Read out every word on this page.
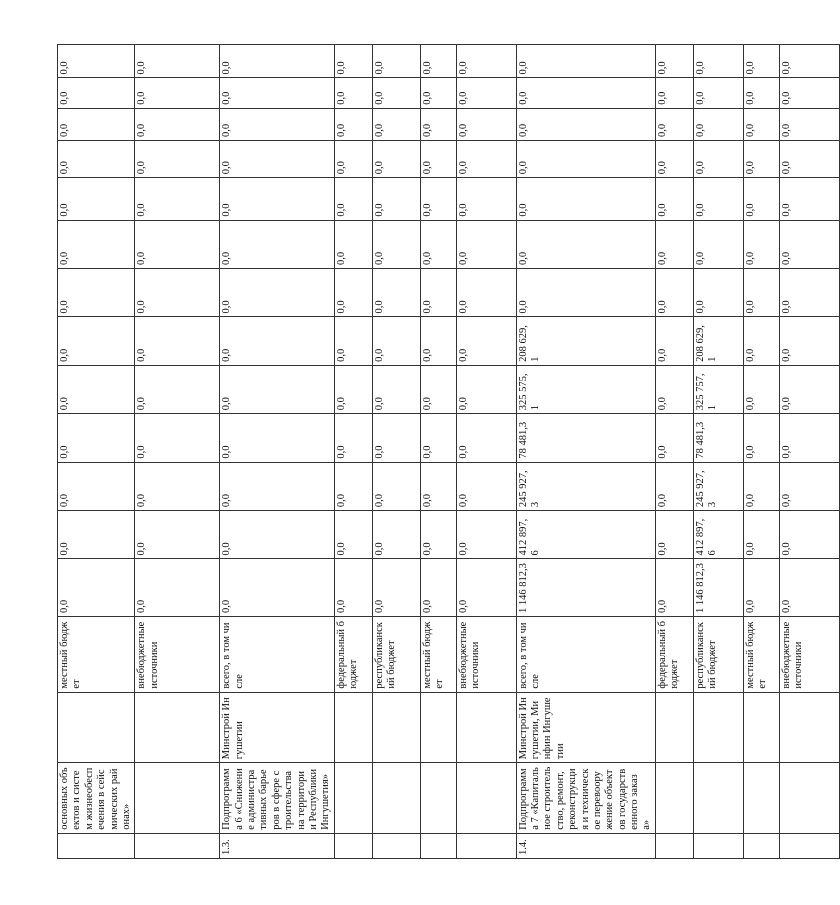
	основных объектов и систем жизнеобеспечения в сейсмических районах»		местный бюджет	0,0	0,0	0,0	0,0	0,0	0,0	0,0	0,0	0,0	0,0	0,0	0,0	0,0
			внебюджетные источники	0,0	0,0	0,0	0,0	0,0	0,0	0,0	0,0	0,0	0,0	0,0	0,0	0,0
1.3.	Подпрограмма 6 «Снижение административных барьеров в сфере строительства на территории Республики Ингушетия»	Минстрой Ингушетии	всего, в том числе	0,0	0,0	0,0	0,0	0,0	0,0	0,0	0,0	0,0	0,0	0,0	0,0	0,0
			федеральный бюджет	0,0	0,0	0,0	0,0	0,0	0,0	0,0	0,0	0,0	0,0	0,0	0,0	0,0
			республиканский бюджет	0,0	0,0	0,0	0,0	0,0	0,0	0,0	0,0	0,0	0,0	0,0	0,0	0,0
			местный бюджет	0,0	0,0	0,0	0,0	0,0	0,0	0,0	0,0	0,0	0,0	0,0	0,0	0,0
			внебюджетные источники	0,0	0,0	0,0	0,0	0,0	0,0	0,0	0,0	0,0	0,0	0,0	0,0	0,0
1.4.	Подпрограмма 7 «Капитальное строительство, ремонт, реконструкция и техническое перевооружение объектов государственного заказа»	Минстрой Ингушетии, Минфин Ингушетии	всего, в том числе	1 146 812,3	412 897,6	245 927,3	78 481,3	325 575,1	208 629,1	0,0	0,0	0,0	0,0	0,0	0,0	0,0
			федеральный бюджет	0,0	0,0	0,0	0,0	0,0	0,0	0,0	0,0	0,0	0,0	0,0	0,0	0,0
			республиканский бюджет	1 146 812,3	412 897,6	245 927,3	78 481,3	325 757,1	208 629,1	0,0	0,0	0,0	0,0	0,0	0,0	0,0
			местный бюджет	0,0	0,0	0,0	0,0	0,0	0,0	0,0	0,0	0,0	0,0	0,0	0,0	0,0
			внебюджетные источники	0,0	0,0	0,0	0,0	0,0	0,0	0,0	0,0	0,0	0,0	0,0	0,0	0,0
